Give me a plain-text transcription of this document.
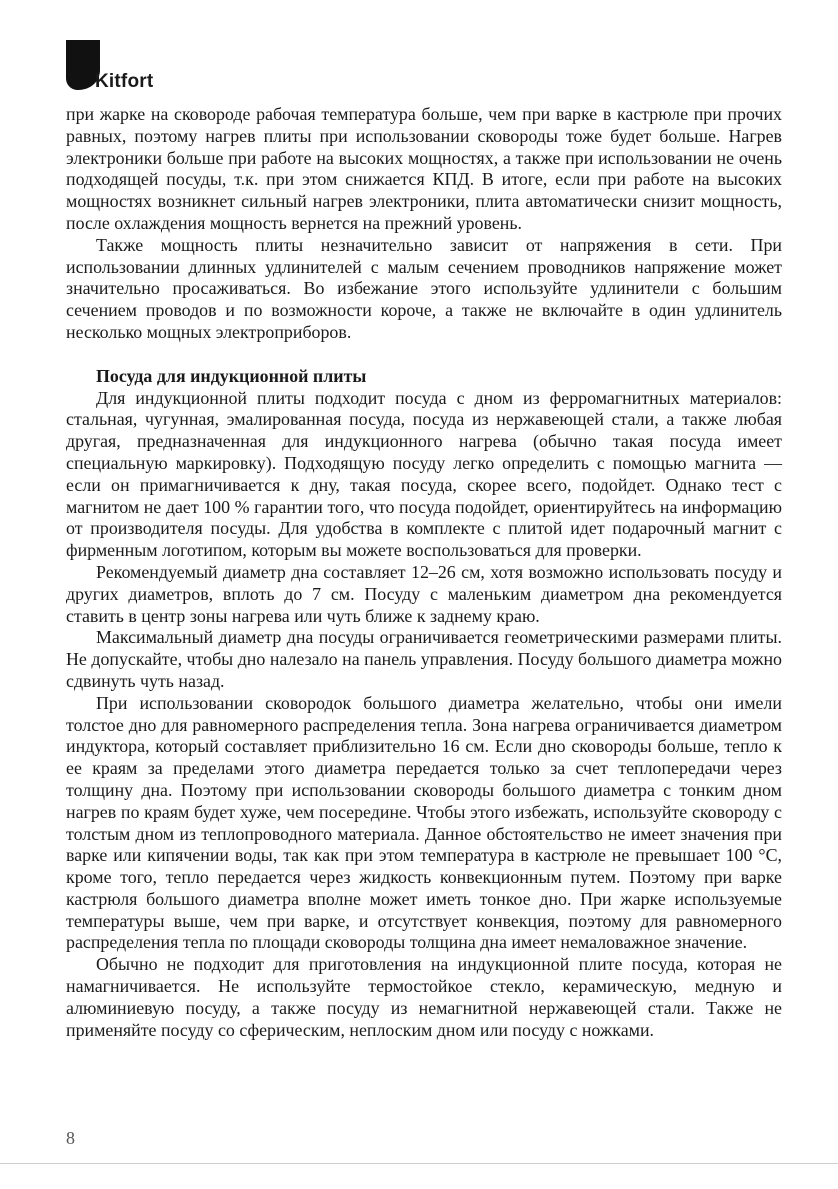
Kitfort

при жарке на сковороде рабочая температура больше, чем при варке в кастрюле при прочих равных, поэтому нагрев плиты при использовании сковороды тоже будет больше. Нагрев электроники больше при работе на высоких мощностях, а также при использовании не очень подходящей посуды, т.к. при этом снижается КПД. В итоге, если при работе на высоких мощностях возникнет сильный нагрев электроники, плита автоматически снизит мощность, после охлаждения мощность вернется на прежний уровень.

Также мощность плиты незначительно зависит от напряжения в сети. При использовании длинных удлинителей с малым сечением проводников напряжение может значительно просаживаться. Во избежание этого используйте удлинители с большим сечением проводов и по возможности короче, а также не включайте в один удлинитель несколько мощных электроприборов.

Посуда для индукционной плиты

Для индукционной плиты подходит посуда с дном из ферромагнитных материалов: стальная, чугунная, эмалированная посуда, посуда из нержавеющей стали, а также любая другая, предназначенная для индукционного нагрева (обычно такая посуда имеет специальную маркировку). Подходящую посуду легко определить с помощью магнита — если он примагничивается к дну, такая посуда, скорее всего, подойдет. Однако тест с магнитом не дает 100 % гарантии того, что посуда подойдет, ориентируйтесь на информацию от производителя посуды. Для удобства в комплекте с плитой идет подарочный магнит с фирменным логотипом, которым вы можете воспользоваться для проверки.

Рекомендуемый диаметр дна составляет 12–26 см, хотя возможно использовать посуду и других диаметров, вплоть до 7 см. Посуду с маленьким диаметром дна рекомендуется ставить в центр зоны нагрева или чуть ближе к заднему краю.

Максимальный диаметр дна посуды ограничивается геометрическими размерами плиты. Не допускайте, чтобы дно налезало на панель управления. Посуду большого диаметра можно сдвинуть чуть назад.

При использовании сковородок большого диаметра желательно, чтобы они имели толстое дно для равномерного распределения тепла. Зона нагрева ограничивается диаметром индуктора, который составляет приблизительно 16 см. Если дно сковороды больше, тепло к ее краям за пределами этого диаметра передается только за счет теплопередачи через толщину дна. Поэтому при использовании сковороды большого диаметра с тонким дном нагрев по краям будет хуже, чем посередине. Чтобы этого избежать, используйте сковороду с толстым дном из теплопроводного материала. Данное обстоятельство не имеет значения при варке или кипячении воды, так как при этом температура в кастрюле не превышает 100 °C, кроме того, тепло передается через жидкость конвекционным путем. Поэтому при варке кастрюля большого диаметра вполне может иметь тонкое дно. При жарке используемые температуры выше, чем при варке, и отсутствует конвекция, поэтому для равномерного распределения тепла по площади сковороды толщина дна имеет немаловажное значение.

Обычно не подходит для приготовления на индукционной плите посуда, которая не намагничивается. Не используйте термостойкое стекло, керамическую, медную и алюминиевую посуду, а также посуду из немагнитной нержавеющей стали. Также не применяйте посуду со сферическим, неплоским дном или посуду с ножками.

8
